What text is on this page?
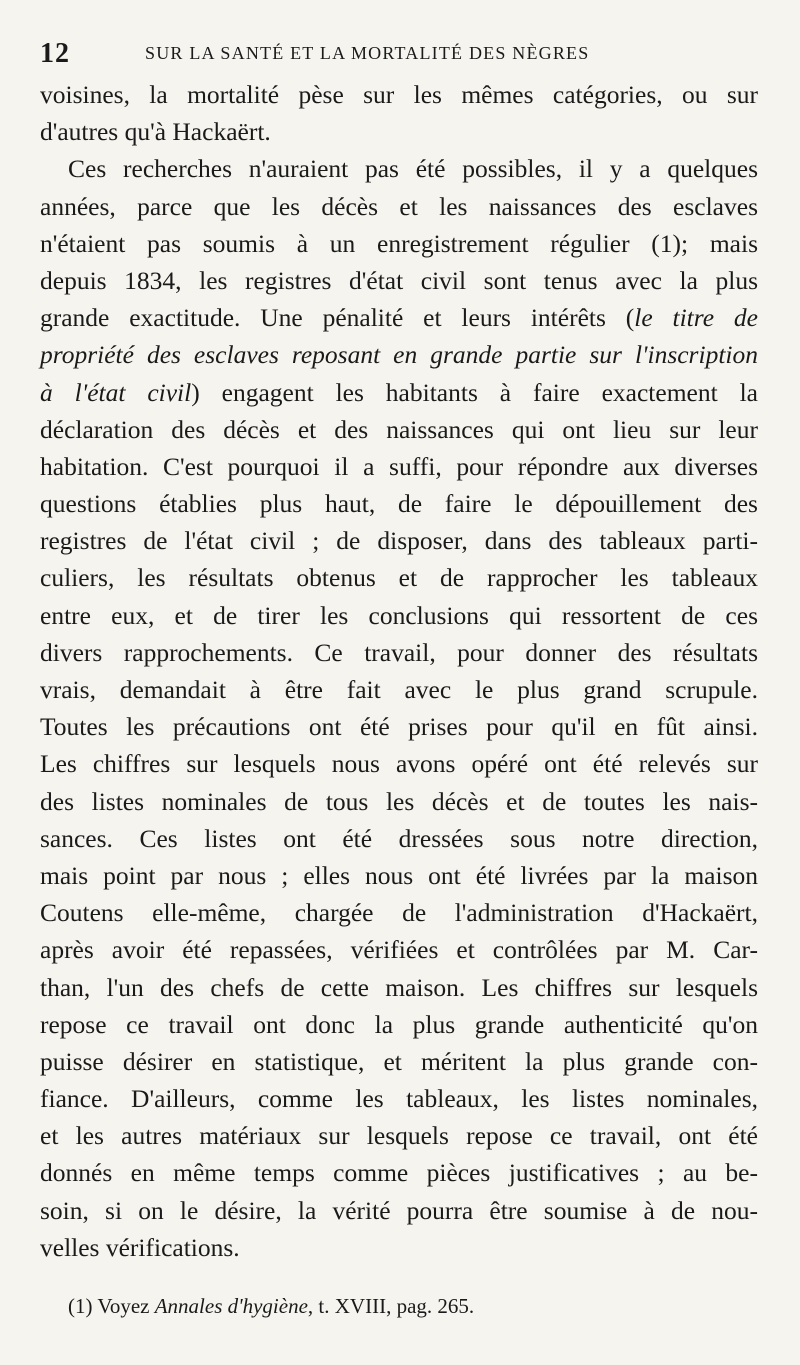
12	SUR LA SANTÉ ET LA MORTALITÉ DES NÈGRES
voisines, la mortalité pèse sur les mêmes catégories, ou sur
d'autres qu'à Hackaërt.
Ces recherches n'auraient pas été possibles, il y a quelques
années, parce que les décès et les naissances des esclaves
n'étaient pas soumis à un enregistrement régulier (1); mais
depuis 1834, les registres d'état civil sont tenus avec la plus
grande exactitude. Une pénalité et leurs intérêts (le titre de
propriété des esclaves reposant en grande partie sur l'inscription
à l'état civil) engagent les habitants à faire exactement la
déclaration des décès et des naissances qui ont lieu sur leur
habitation. C'est pourquoi il a suffi, pour répondre aux diverses
questions établies plus haut, de faire le dépouillement des
registres de l'état civil ; de disposer, dans des tableaux parti-
culiers, les résultats obtenus et de rapprocher les tableaux
entre eux, et de tirer les conclusions qui ressortent de ces
divers rapprochements. Ce travail, pour donner des résultats
vrais, demandait à être fait avec le plus grand scrupule.
Toutes les précautions ont été prises pour qu'il en fût ainsi.
Les chiffres sur lesquels nous avons opéré ont été relevés sur
des listes nominales de tous les décès et de toutes les nais-
sances. Ces listes ont été dressées sous notre direction,
mais point par nous ; elles nous ont été livrées par la maison
Coutens elle-même, chargée de l'administration d'Hackaërt,
après avoir été repassées, vérifiées et contrôlées par M. Car-
than, l'un des chefs de cette maison. Les chiffres sur lesquels
repose ce travail ont donc la plus grande authenticité qu'on
puisse désirer en statistique, et méritent la plus grande con-
fiance. D'ailleurs, comme les tableaux, les listes nominales,
et les autres matériaux sur lesquels repose ce travail, ont été
donnés en même temps comme pièces justificatives ; au be-
soin, si on le désire, la vérité pourra être soumise à de nou-
velles vérifications.
(1) Voyez Annales d'hygiène, t. XVIII, pag. 265.
